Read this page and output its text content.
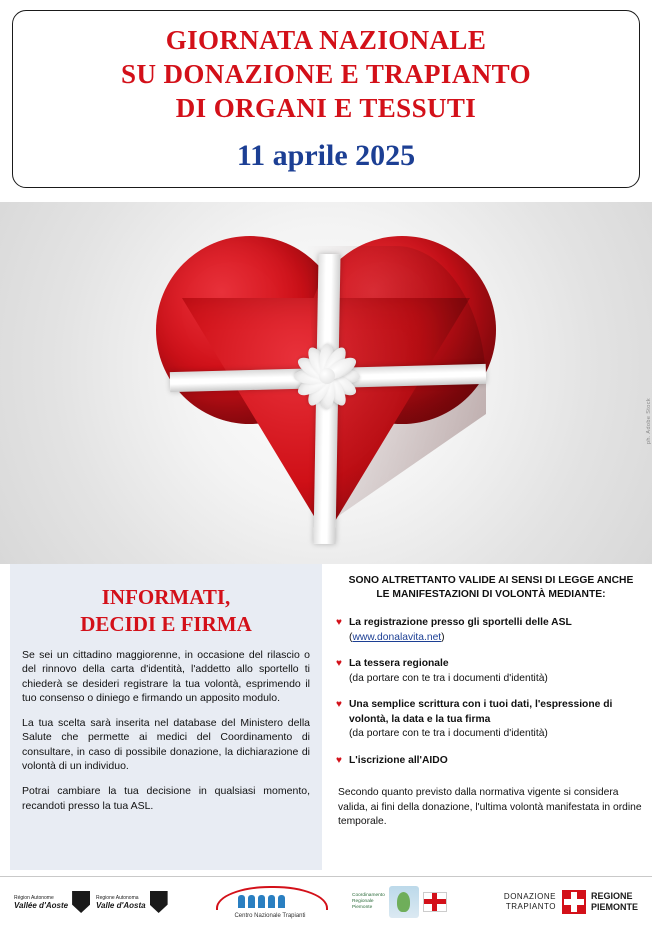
GIORNATA NAZIONALE
SU DONAZIONE E TRAPIANTO
DI ORGANI E TESSUTI
11 aprile 2025
ph. Adobe Stock
INFORMATI,
DECIDI E FIRMA

Se sei un cittadino maggiorenne, in occasione del rilascio o del rinnovo della carta d'identità, l'addetto allo sportello ti chiederà se desideri registrare la tua volontà, esprimendo il tuo consenso o diniego e firmando un apposito modulo.

La tua scelta sarà inserita nel database del Ministero della Salute che permette ai medici del Coordinamento di consultare, in caso di possibile donazione, la dichiarazione di volontà di un individuo.

Potrai cambiare la tua decisione in qualsiasi momento, recandoti presso la tua ASL.

SONO ALTRETTANTO VALIDE AI SENSI DI LEGGE ANCHE
LE MANIFESTAZIONI DI VOLONTÀ MEDIANTE:
♥ La registrazione presso gli sportelli delle ASL
(www.donalavita.net)
♥ La tessera regionale
(da portare con te tra i documenti d'identità)
♥ Una semplice scrittura con i tuoi dati, l'espressione di volontà, la data e la tua firma
(da portare con te tra i documenti d'identità)
♥ L'iscrizione all'AIDO
Secondo quanto previsto dalla normativa vigente si considera valida, ai fini della donazione, l'ultima volontà manifestata in ordine temporale.
Région Autonome
Vallée d'Aoste
Regione Autonoma
Valle d'Aosta
Centro Nazionale Trapianti
Coordinamento
Regionale
Piemonte
DONAZIONE
TRAPIANTO
REGIONE
PIEMONTE
